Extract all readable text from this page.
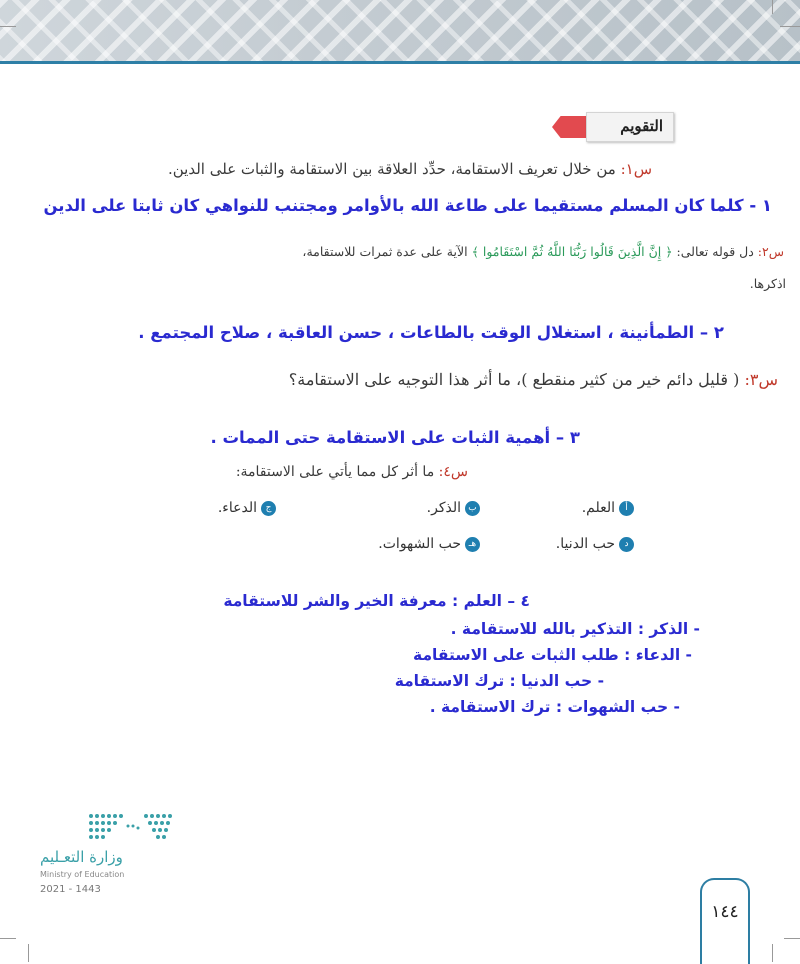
التقويم
س١: من خلال تعريف الاستقامة، حدِّد العلاقة بين الاستقامة والثبات على الدين.
١ - كلما كان المسلم مستقيما على طاعة الله بالأوامر ومجتنب للنواهي كان ثابتا على الدين
س٢: دل قوله تعالى: ﴿ إِنَّ الَّذِينَ قَالُوا رَبُّنَا اللَّهُ ثُمَّ اسْتَقَامُوا ﴾ الآية على عدة ثمرات للاستقامة،
اذكرها.
٢ – الطمأنينة ، استغلال الوقت بالطاعات ، حسن العاقبة ، صلاح المجتمع .
س٣: ( قليل دائم خير من كثير منقطع )، ما أثر هذا التوجيه على الاستقامة؟
٣ – أهمية الثبات على الاستقامة حتى الممات .
س٤: ما أثر كل مما يأتي على الاستقامة:
أالعلم.
بالذكر.
جالدعاء.
دحب الدنيا.
هـحب الشهوات.
٤ – العلم : معرفة الخير والشر للاستقامة
- الذكر : التذكير بالله للاستقامة .
- الدعاء : طلب الثبات على الاستقامة
- حب الدنيا : ترك الاستقامة
- حب الشهوات : ترك الاستقامة .
وزارة التعـليم
Ministry of Education
2021 - 1443
١٤٤
